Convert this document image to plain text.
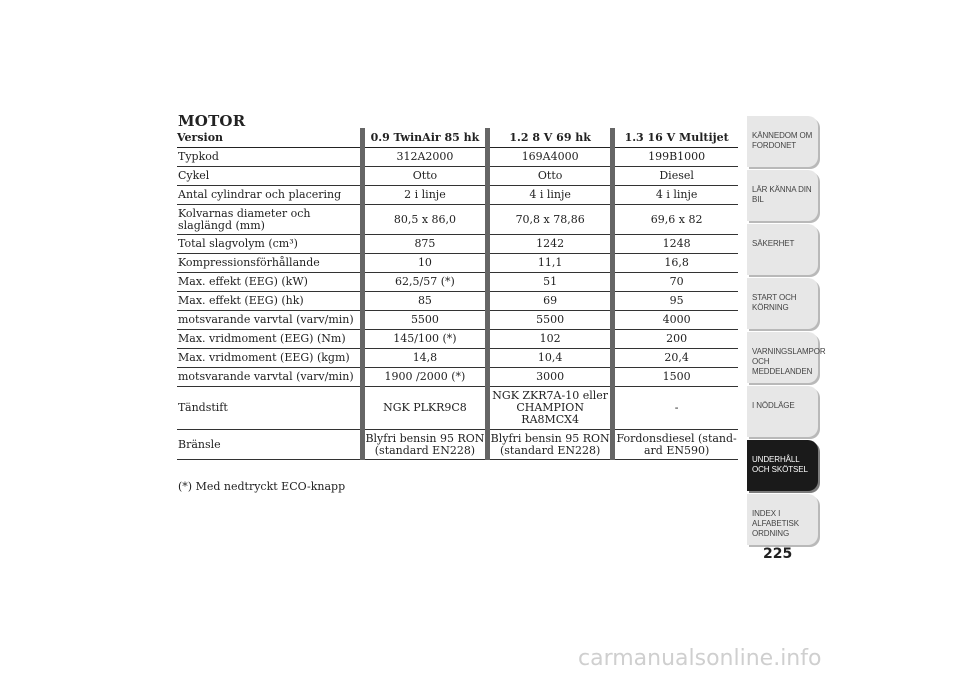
MOTOR
Version	0.9 TwinAir 85 hk	1.2 8 V 69 hk	1.3 16 V Multijet
Typkod	312A2000	169A4000	199B1000
Cykel	Otto	Otto	Diesel
Antal cylindrar och placering	2 i linje	4 i linje	4 i linje
Kolvarnas diameter och slaglängd (mm)	80,5 x 86,0	70,8 x 78,86	69,6 x 82
Total slagvolym (cm³)	875	1242	1248
Kompressionsförhållande	10	11,1	16,8
Max. effekt (EEG) (kW)	62,5/57 (*)	51	70
Max. effekt (EEG) (hk)	85	69	95
motsvarande varvtal (varv/min)	5500	5500	4000
Max. vridmoment (EEG) (Nm)	145/100 (*)	102	200
Max. vridmoment (EEG) (kgm)	14,8	10,4	20,4
motsvarande varvtal (varv/min)	1900 /2000 (*)	3000	1500
Tändstift	NGK PLKR9C8	NGK ZKR7A-10 eller CHAMPION RA8MCX4	-
Bränsle	Blyfri bensin 95 RON (standard EN228)	Blyfri bensin 95 RON (standard EN228)	Fordonsdiesel (stand-ard EN590)
(*) Med nedtryckt ECO-knapp
KÄNNEDOM OM FORDONET
LÄR KÄNNA DIN BIL
SÄKERHET
START OCH KÖRNING
VARNINGSLAMPOR OCH MEDDELANDEN
I NÖDLÄGE
UNDERHÅLL OCH SKÖTSEL
INDEX I ALFABETISK ORDNING
225
carmanualsonline.info
